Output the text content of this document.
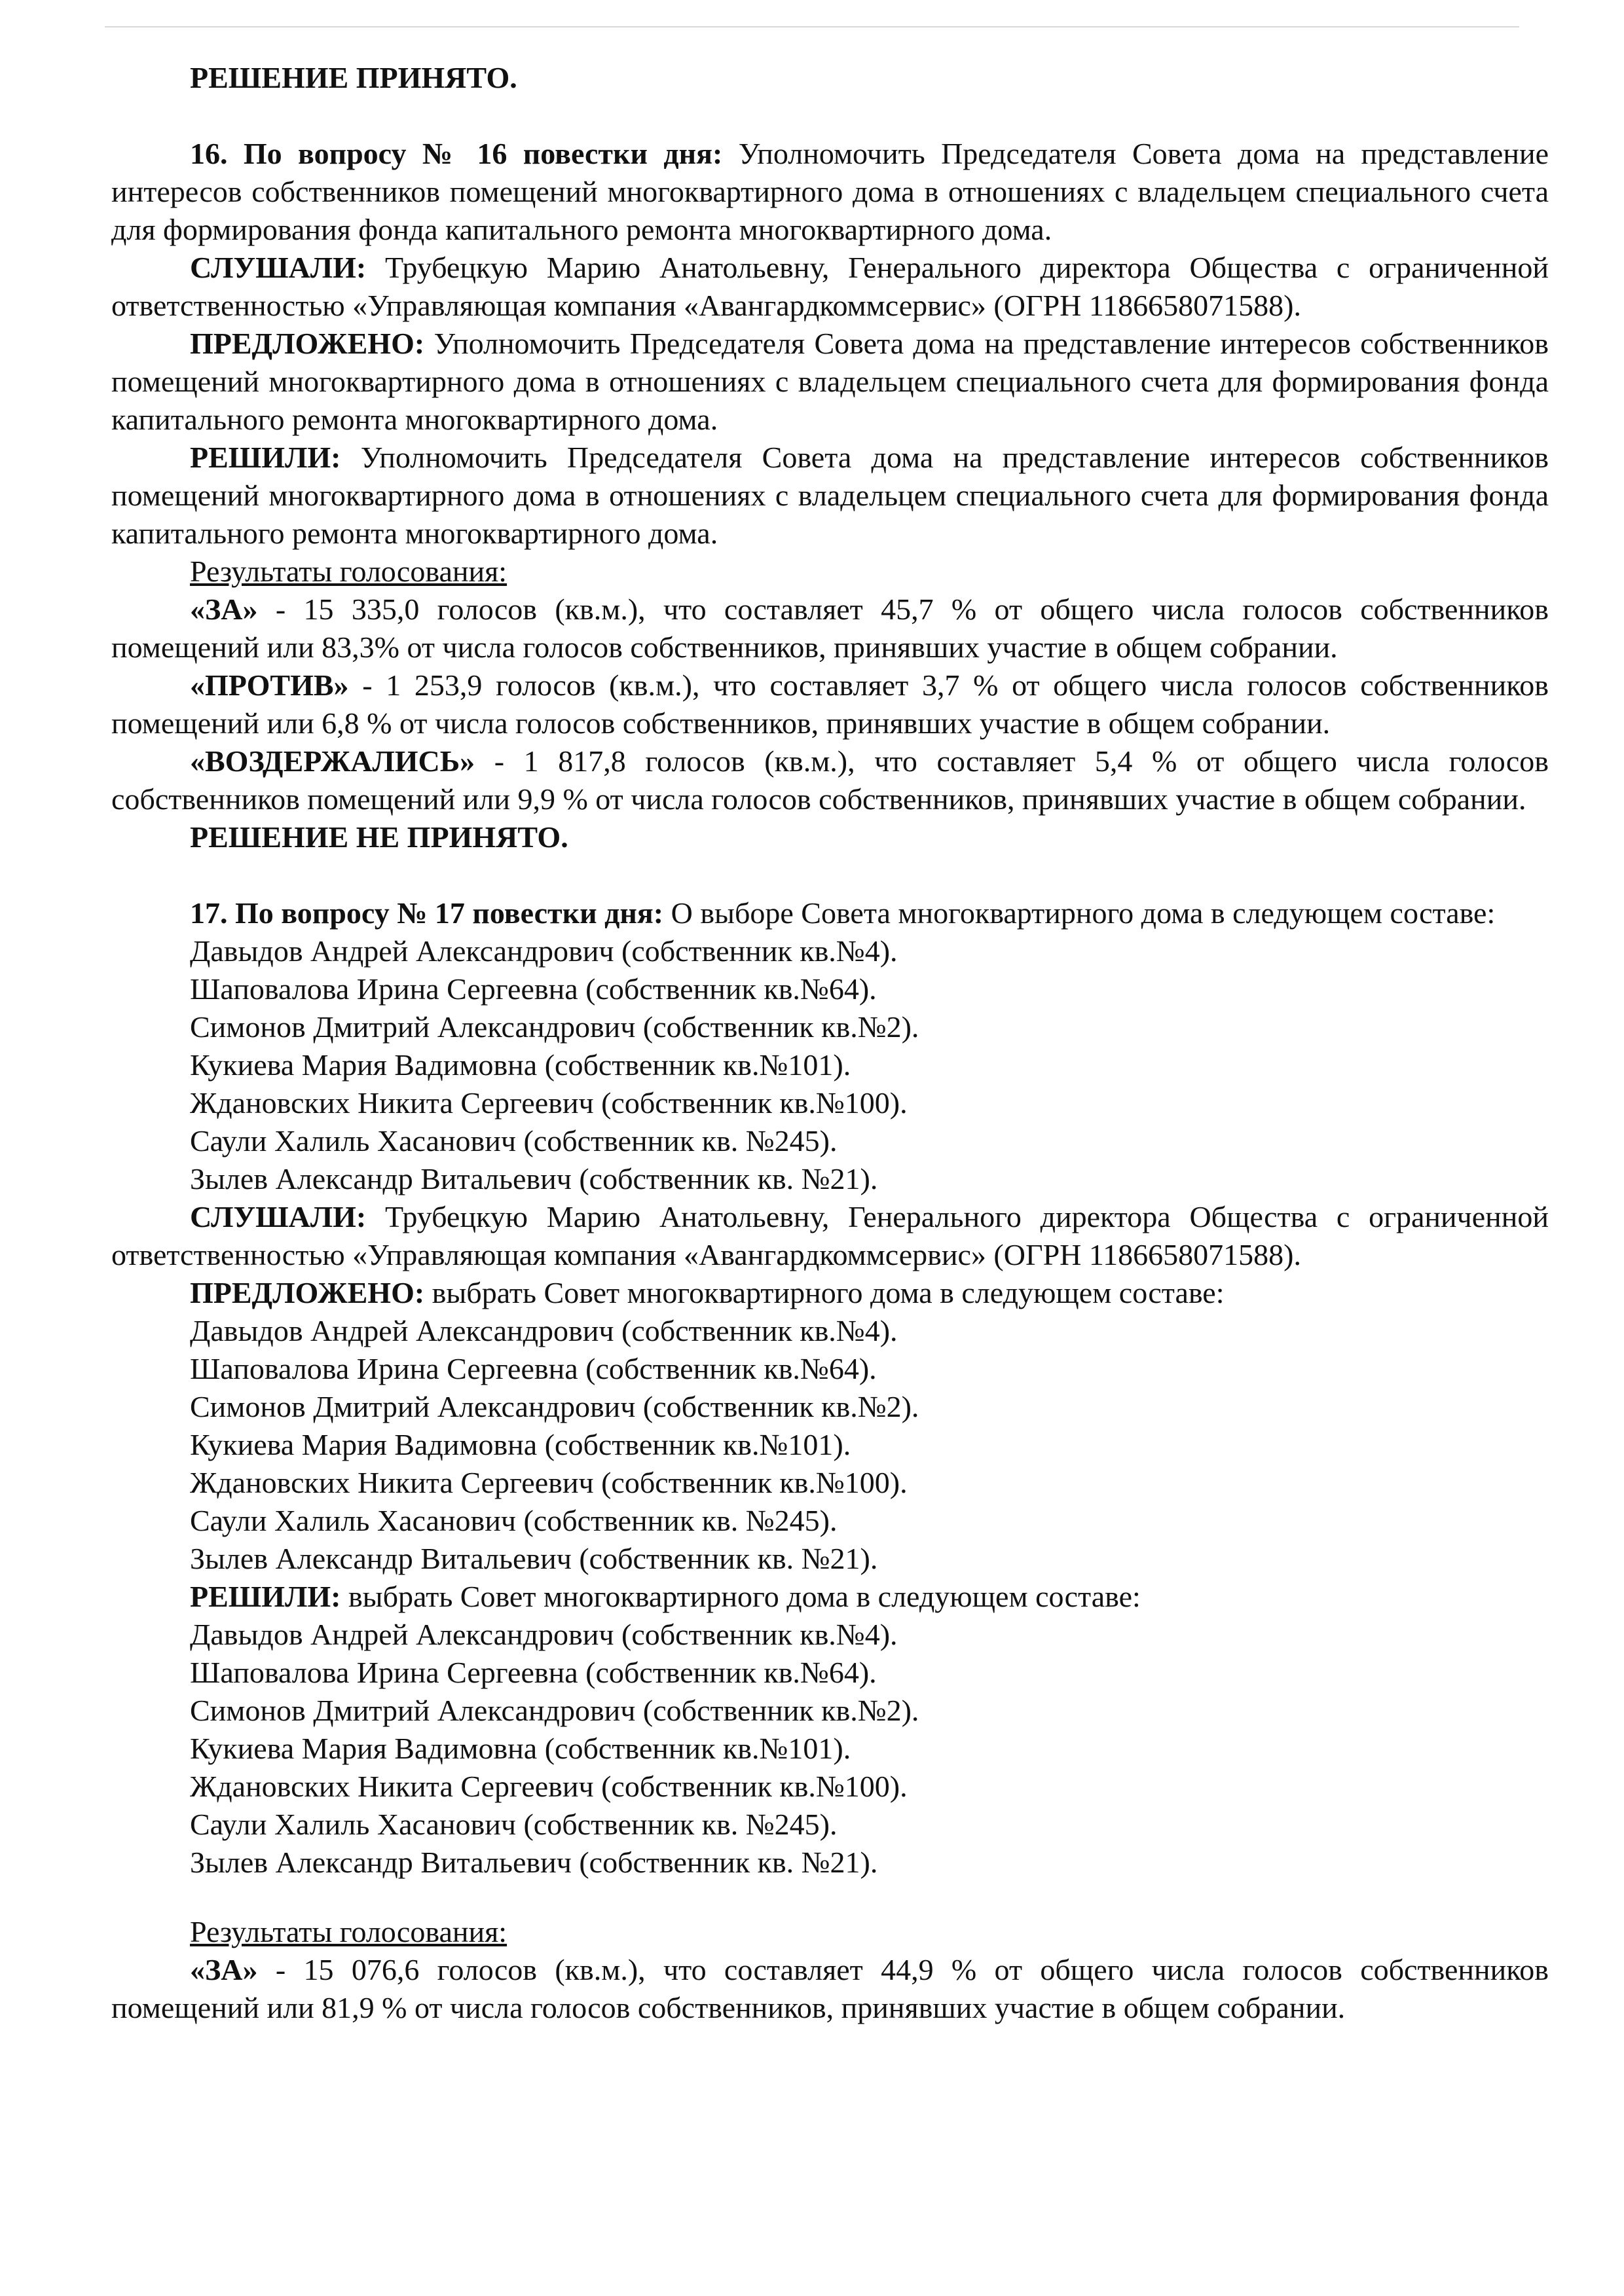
РЕШЕНИЕ ПРИНЯТО.

16. По вопросу № 16 повестки дня: Уполномочить Председателя Совета дома на представление интересов собственников помещений многоквартирного дома в отношениях с владельцем специального счета для формирования фонда капитального ремонта многоквартирного дома.

СЛУШАЛИ: Трубецкую Марию Анатольевну, Генерального директора Общества с ограниченной ответственностью «Управляющая компания «Авангардкоммсервис» (ОГРН 1186658071588).

ПРЕДЛОЖЕНО: Уполномочить Председателя Совета дома на представление интересов собственников помещений многоквартирного дома в отношениях с владельцем специального счета для формирования фонда капитального ремонта многоквартирного дома.

РЕШИЛИ: Уполномочить Председателя Совета дома на представление интересов собственников помещений многоквартирного дома в отношениях с владельцем специального счета для формирования фонда капитального ремонта многоквартирного дома.

Результаты голосования:

«ЗА» - 15 335,0 голосов (кв.м.), что составляет 45,7 % от общего числа голосов собственников помещений или 83,3% от числа голосов собственников, принявших участие в общем собрании.

«ПРОТИВ» - 1 253,9 голосов (кв.м.), что составляет 3,7 % от общего числа голосов собственников помещений или 6,8 % от числа голосов собственников, принявших участие в общем собрании.

«ВОЗДЕРЖАЛИСЬ» - 1 817,8 голосов (кв.м.), что составляет 5,4 % от общего числа голосов собственников помещений или 9,9 % от числа голосов собственников, принявших участие в общем собрании.

РЕШЕНИЕ НЕ ПРИНЯТО.

17. По вопросу № 17 повестки дня: О выборе Совета многоквартирного дома в следующем составе:

Давыдов Андрей Александрович (собственник кв.№4).

Шаповалова Ирина Сергеевна (собственник кв.№64).

Симонов Дмитрий Александрович (собственник кв.№2).

Кукиева Мария Вадимовна (собственник кв.№101).

Ждановских Никита Сергеевич (собственник кв.№100).

Саули Халиль Хасанович (собственник кв. №245).

Зылев Александр Витальевич (собственник кв. №21).

СЛУШАЛИ: Трубецкую Марию Анатольевну, Генерального директора Общества с ограниченной ответственностью «Управляющая компания «Авангардкоммсервис» (ОГРН 1186658071588).

ПРЕДЛОЖЕНО: выбрать Совет многоквартирного дома в следующем составе:

Давыдов Андрей Александрович (собственник кв.№4).

Шаповалова Ирина Сергеевна (собственник кв.№64).

Симонов Дмитрий Александрович (собственник кв.№2).

Кукиева Мария Вадимовна (собственник кв.№101).

Ждановских Никита Сергеевич (собственник кв.№100).

Саули Халиль Хасанович (собственник кв. №245).

Зылев Александр Витальевич (собственник кв. №21).

РЕШИЛИ: выбрать Совет многоквартирного дома в следующем составе:

Давыдов Андрей Александрович (собственник кв.№4).

Шаповалова Ирина Сергеевна (собственник кв.№64).

Симонов Дмитрий Александрович (собственник кв.№2).

Кукиева Мария Вадимовна (собственник кв.№101).

Ждановских Никита Сергеевич (собственник кв.№100).

Саули Халиль Хасанович (собственник кв. №245).

Зылев Александр Витальевич (собственник кв. №21).

Результаты голосования:

«ЗА» - 15 076,6 голосов (кв.м.), что составляет 44,9 % от общего числа голосов собственников помещений или 81,9 % от числа голосов собственников, принявших участие в общем собрании.
